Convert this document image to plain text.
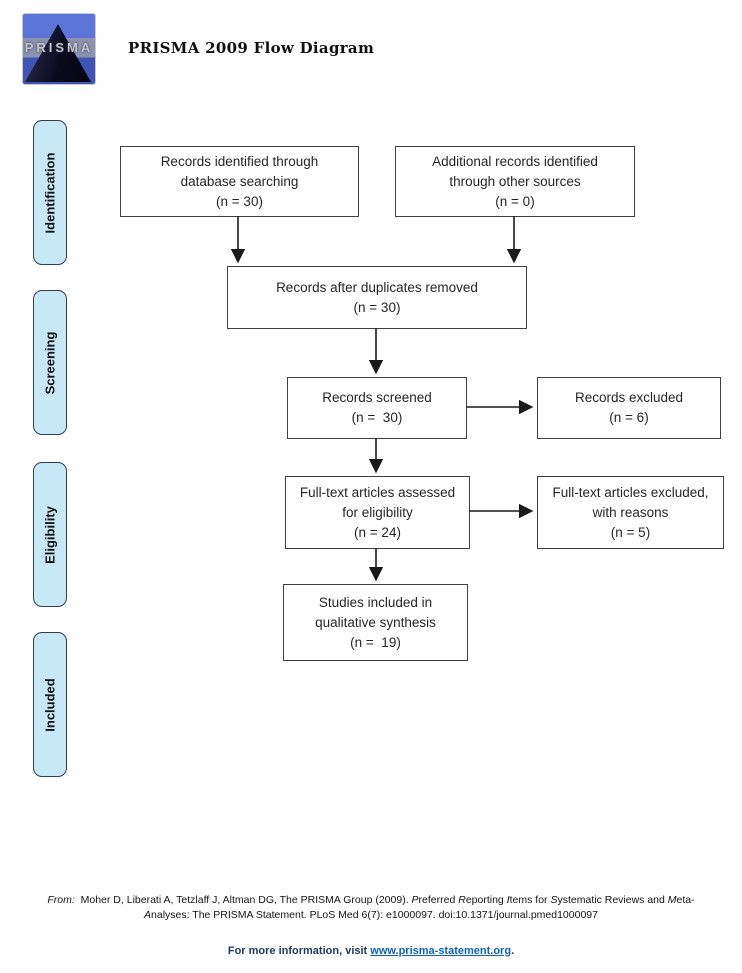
PRISMA PRISMA 2009 Flow Diagram
Identification
Screening
Eligibility
Included
Records identified through
database searching
(n = 30)
Additional records identified
through other sources
(n = 0)
Records after duplicates removed
(n = 30)
Records screened
(n =  30)
Records excluded
(n = 6)
Full-text articles assessed
for eligibility
(n = 24)
Full-text articles excluded,
with reasons
(n = 5)
Studies included in
qualitative synthesis
(n =  19)
From:  Moher D, Liberati A, Tetzlaff J, Altman DG, The PRISMA Group (2009). Preferred Reporting Items for Systematic Reviews and Meta-
Analyses: The PRISMA Statement. PLoS Med 6(7): e1000097. doi:10.1371/journal.pmed1000097
For more information, visit www.prisma-statement.org.
